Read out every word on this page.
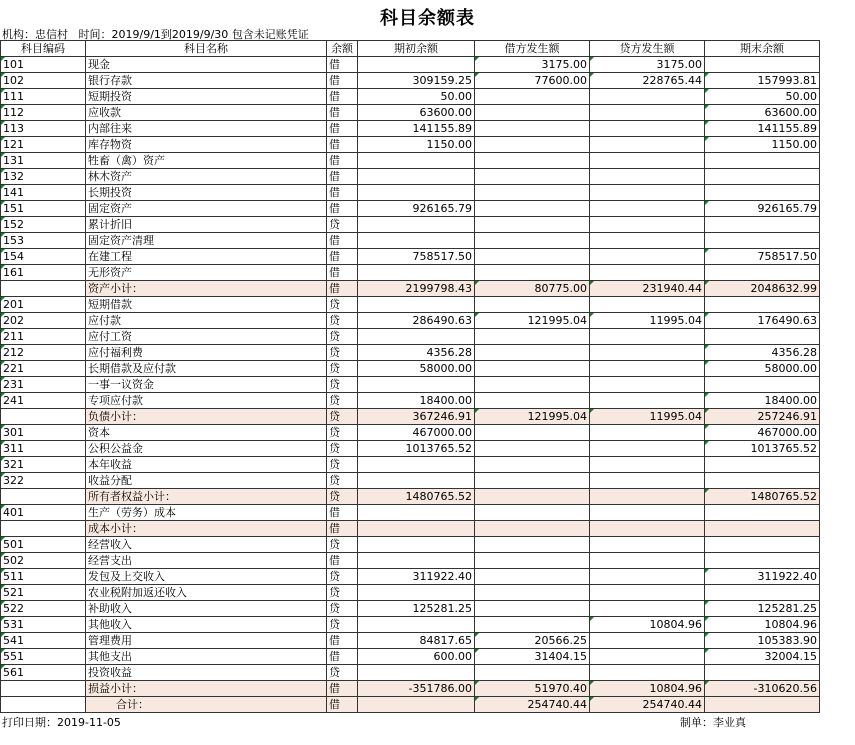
科目余额表
机构：忠信村 时间：2019/9/1到2019/9/30 包含未记账凭证
科目编码	科目名称	余额	期初余额	借方发生额	贷方发生额	期末余额
101	现金	借		3175.00	3175.00	
102	银行存款	借	309159.25	77600.00	228765.44	157993.81
111	短期投资	借	50.00			50.00
112	应收款	借	63600.00			63600.00
113	内部往来	借	141155.89			141155.89
121	库存物资	借	1150.00			1150.00
131	牲畜（禽）资产	借				
132	林木资产	借				
141	长期投资	借				
151	固定资产	借	926165.79			926165.79
152	累计折旧	贷				
153	固定资产清理	借				
154	在建工程	借	758517.50			758517.50
161	无形资产	借				
	资产小计：	借	2199798.43	80775.00	231940.44	2048632.99
201	短期借款	贷				
202	应付款	贷	286490.63	121995.04	11995.04	176490.63
211	应付工资	贷				
212	应付福利费	贷	4356.28			4356.28
221	长期借款及应付款	贷	58000.00			58000.00
231	一事一议资金	贷				
241	专项应付款	贷	18400.00			18400.00
	负债小计：	贷	367246.91	121995.04	11995.04	257246.91
301	资本	贷	467000.00			467000.00
311	公积公益金	贷	1013765.52			1013765.52
321	本年收益	贷				
322	收益分配	贷				
	所有者权益小计：	贷	1480765.52			1480765.52
401	生产（劳务）成本	借				
	成本小计：	借				
501	经营收入	贷				
502	经营支出	借				
511	发包及上交收入	贷	311922.40			311922.40
521	农业税附加返还收入	贷				
522	补助收入	贷	125281.25			125281.25
531	其他收入	贷			10804.96	10804.96
541	管理费用	借	84817.65	20566.25		105383.90
551	其他支出	借	600.00	31404.15		32004.15
561	投资收益	贷				
	损益小计：	借	-351786.00	51970.40	10804.96	-310620.56
	合计：	借		254740.44	254740.44	
打印日期：2019-11-05	制单：李业真
